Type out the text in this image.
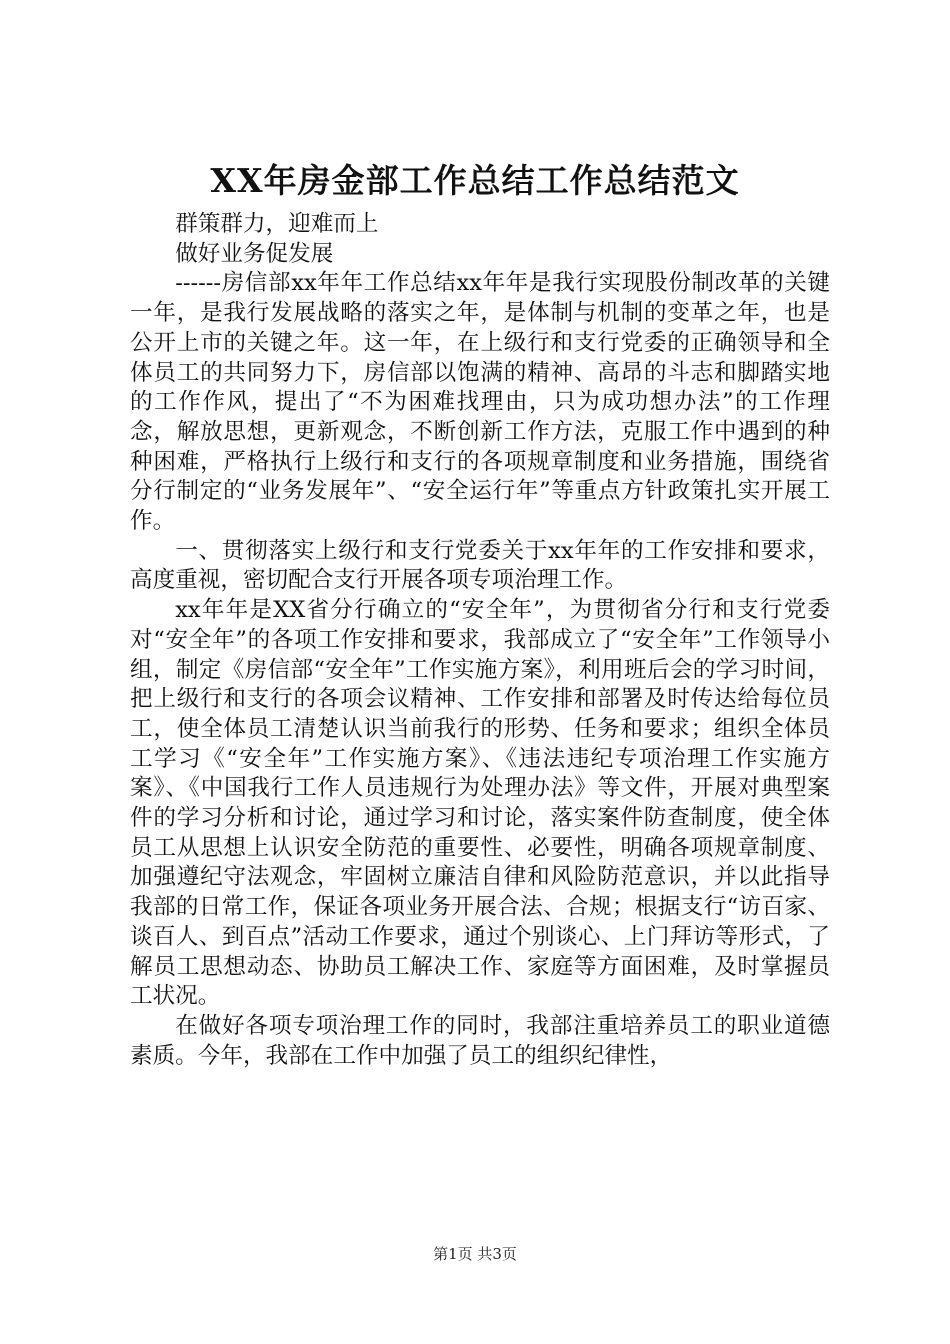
XX年房金部工作总结工作总结范文

群策群力，迎难而上

做好业务促发展

------房信部xx年年工作总结xx年年是我行实现股份制改革的关键一年，是我行发展战略的落实之年，是体制与机制的变革之年，也是公开上市的关键之年。这一年，在上级行和支行党委的正确领导和全体员工的共同努力下，房信部以饱满的精神、高昂的斗志和脚踏实地的工作作风，提出了“不为困难找理由，只为成功想办法”的工作理念，解放思想，更新观念，不断创新工作方法，克服工作中遇到的种种困难，严格执行上级行和支行的各项规章制度和业务措施，围绕省分行制定的“业务发展年”、“安全运行年”等重点方针政策扎实开展工作。

一、贯彻落实上级行和支行党委关于xx年年的工作安排和要求，高度重视，密切配合支行开展各项专项治理工作。

xx年年是XX省分行确立的“安全年”，为贯彻省分行和支行党委对“安全年”的各项工作安排和要求，我部成立了“安全年”工作领导小组，制定《房信部“安全年”工作实施方案》，利用班后会的学习时间，把上级行和支行的各项会议精神、工作安排和部署及时传达给每位员工，使全体员工清楚认识当前我行的形势、任务和要求；组织全体员工学习《“安全年”工作实施方案》、《违法违纪专项治理工作实施方案》、《中国我行工作人员违规行为处理办法》等文件，开展对典型案件的学习分析和讨论，通过学习和讨论，落实案件防查制度，使全体员工从思想上认识安全防范的重要性、必要性，明确各项规章制度、加强遵纪守法观念，牢固树立廉洁自律和风险防范意识，并以此指导我部的日常工作，保证各项业务开展合法、合规；根据支行“访百家、谈百人、到百点”活动工作要求，通过个别谈心、上门拜访等形式，了解员工思想动态、协助员工解决工作、家庭等方面困难，及时掌握员工状况。

在做好各项专项治理工作的同时，我部注重培养员工的职业道德素质。今年，我部在工作中加强了员工的组织纪律性，

第1页 共3页
